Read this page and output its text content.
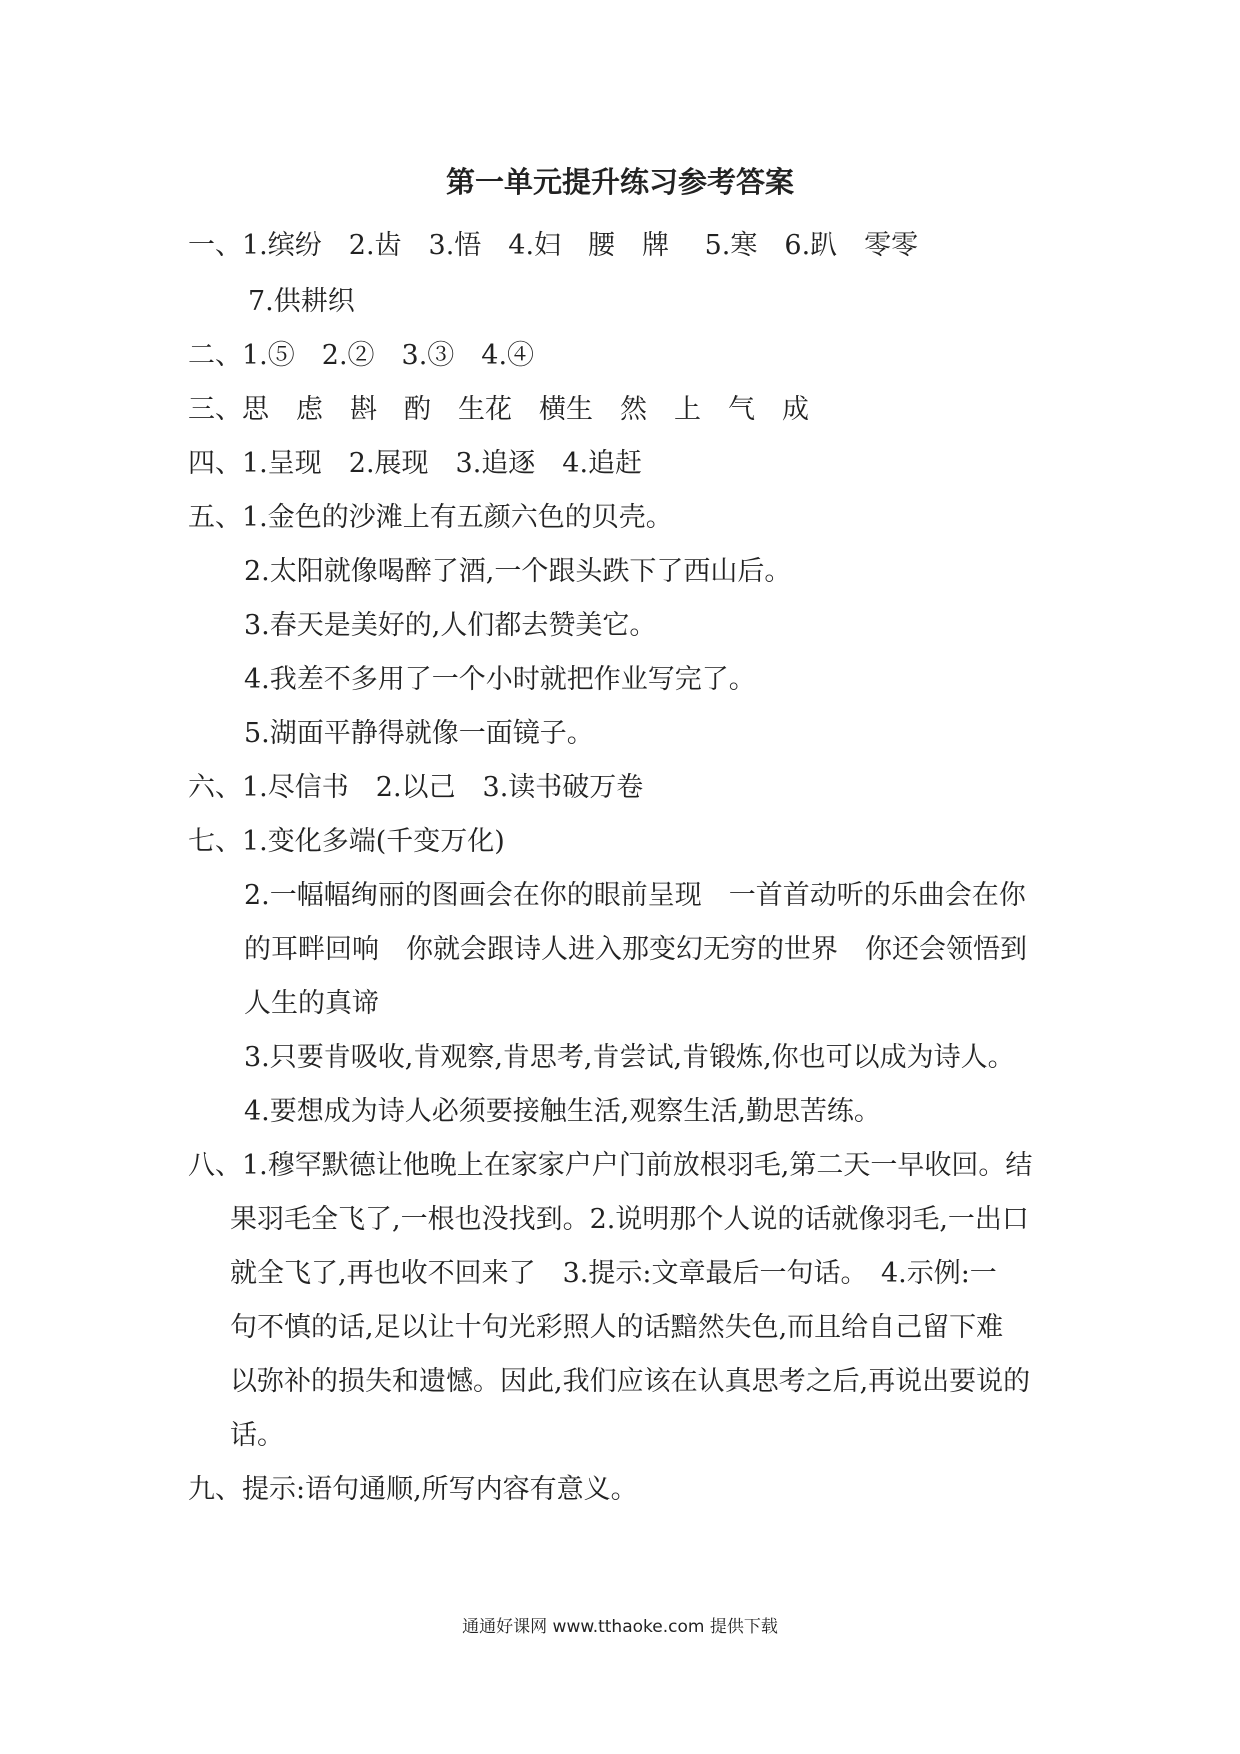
第一单元提升练习参考答案
一、1.缤纷　2.齿　3.悟　4.妇　腰　牌　 5.寒　6.趴　零零
7.供耕织
二、1.⑤　2.②　3.③　4.④
三、思　虑　斟　酌　生花　横生　然　上　气　成
四、1.呈现　2.展现　3.追逐　4.追赶
五、1.金色的沙滩上有五颜六色的贝壳。
2.太阳就像喝醉了酒,一个跟头跌下了西山后。
3.春天是美好的,人们都去赞美它。
4.我差不多用了一个小时就把作业写完了。
5.湖面平静得就像一面镜子。
六、1.尽信书　2.以己　3.读书破万卷
七、1.变化多端(千变万化)
2.一幅幅绚丽的图画会在你的眼前呈现　一首首动听的乐曲会在你
的耳畔回响　你就会跟诗人进入那变幻无穷的世界　你还会领悟到
人生的真谛
3.只要肯吸收,肯观察,肯思考,肯尝试,肯锻炼,你也可以成为诗人。
4.要想成为诗人必须要接触生活,观察生活,勤思苦练。
八、1.穆罕默德让他晚上在家家户户门前放根羽毛,第二天一早收回。结
果羽毛全飞了,一根也没找到。2.说明那个人说的话就像羽毛,一出口
就全飞了,再也收不回来了　3.提示:文章最后一句话。　4.示例:一
句不慎的话,足以让十句光彩照人的话黯然失色,而且给自己留下难
以弥补的损失和遗憾。因此,我们应该在认真思考之后,再说出要说的
话。
九、提示:语句通顺,所写内容有意义。
通通好课网 www.tthaoke.com 提供下载
